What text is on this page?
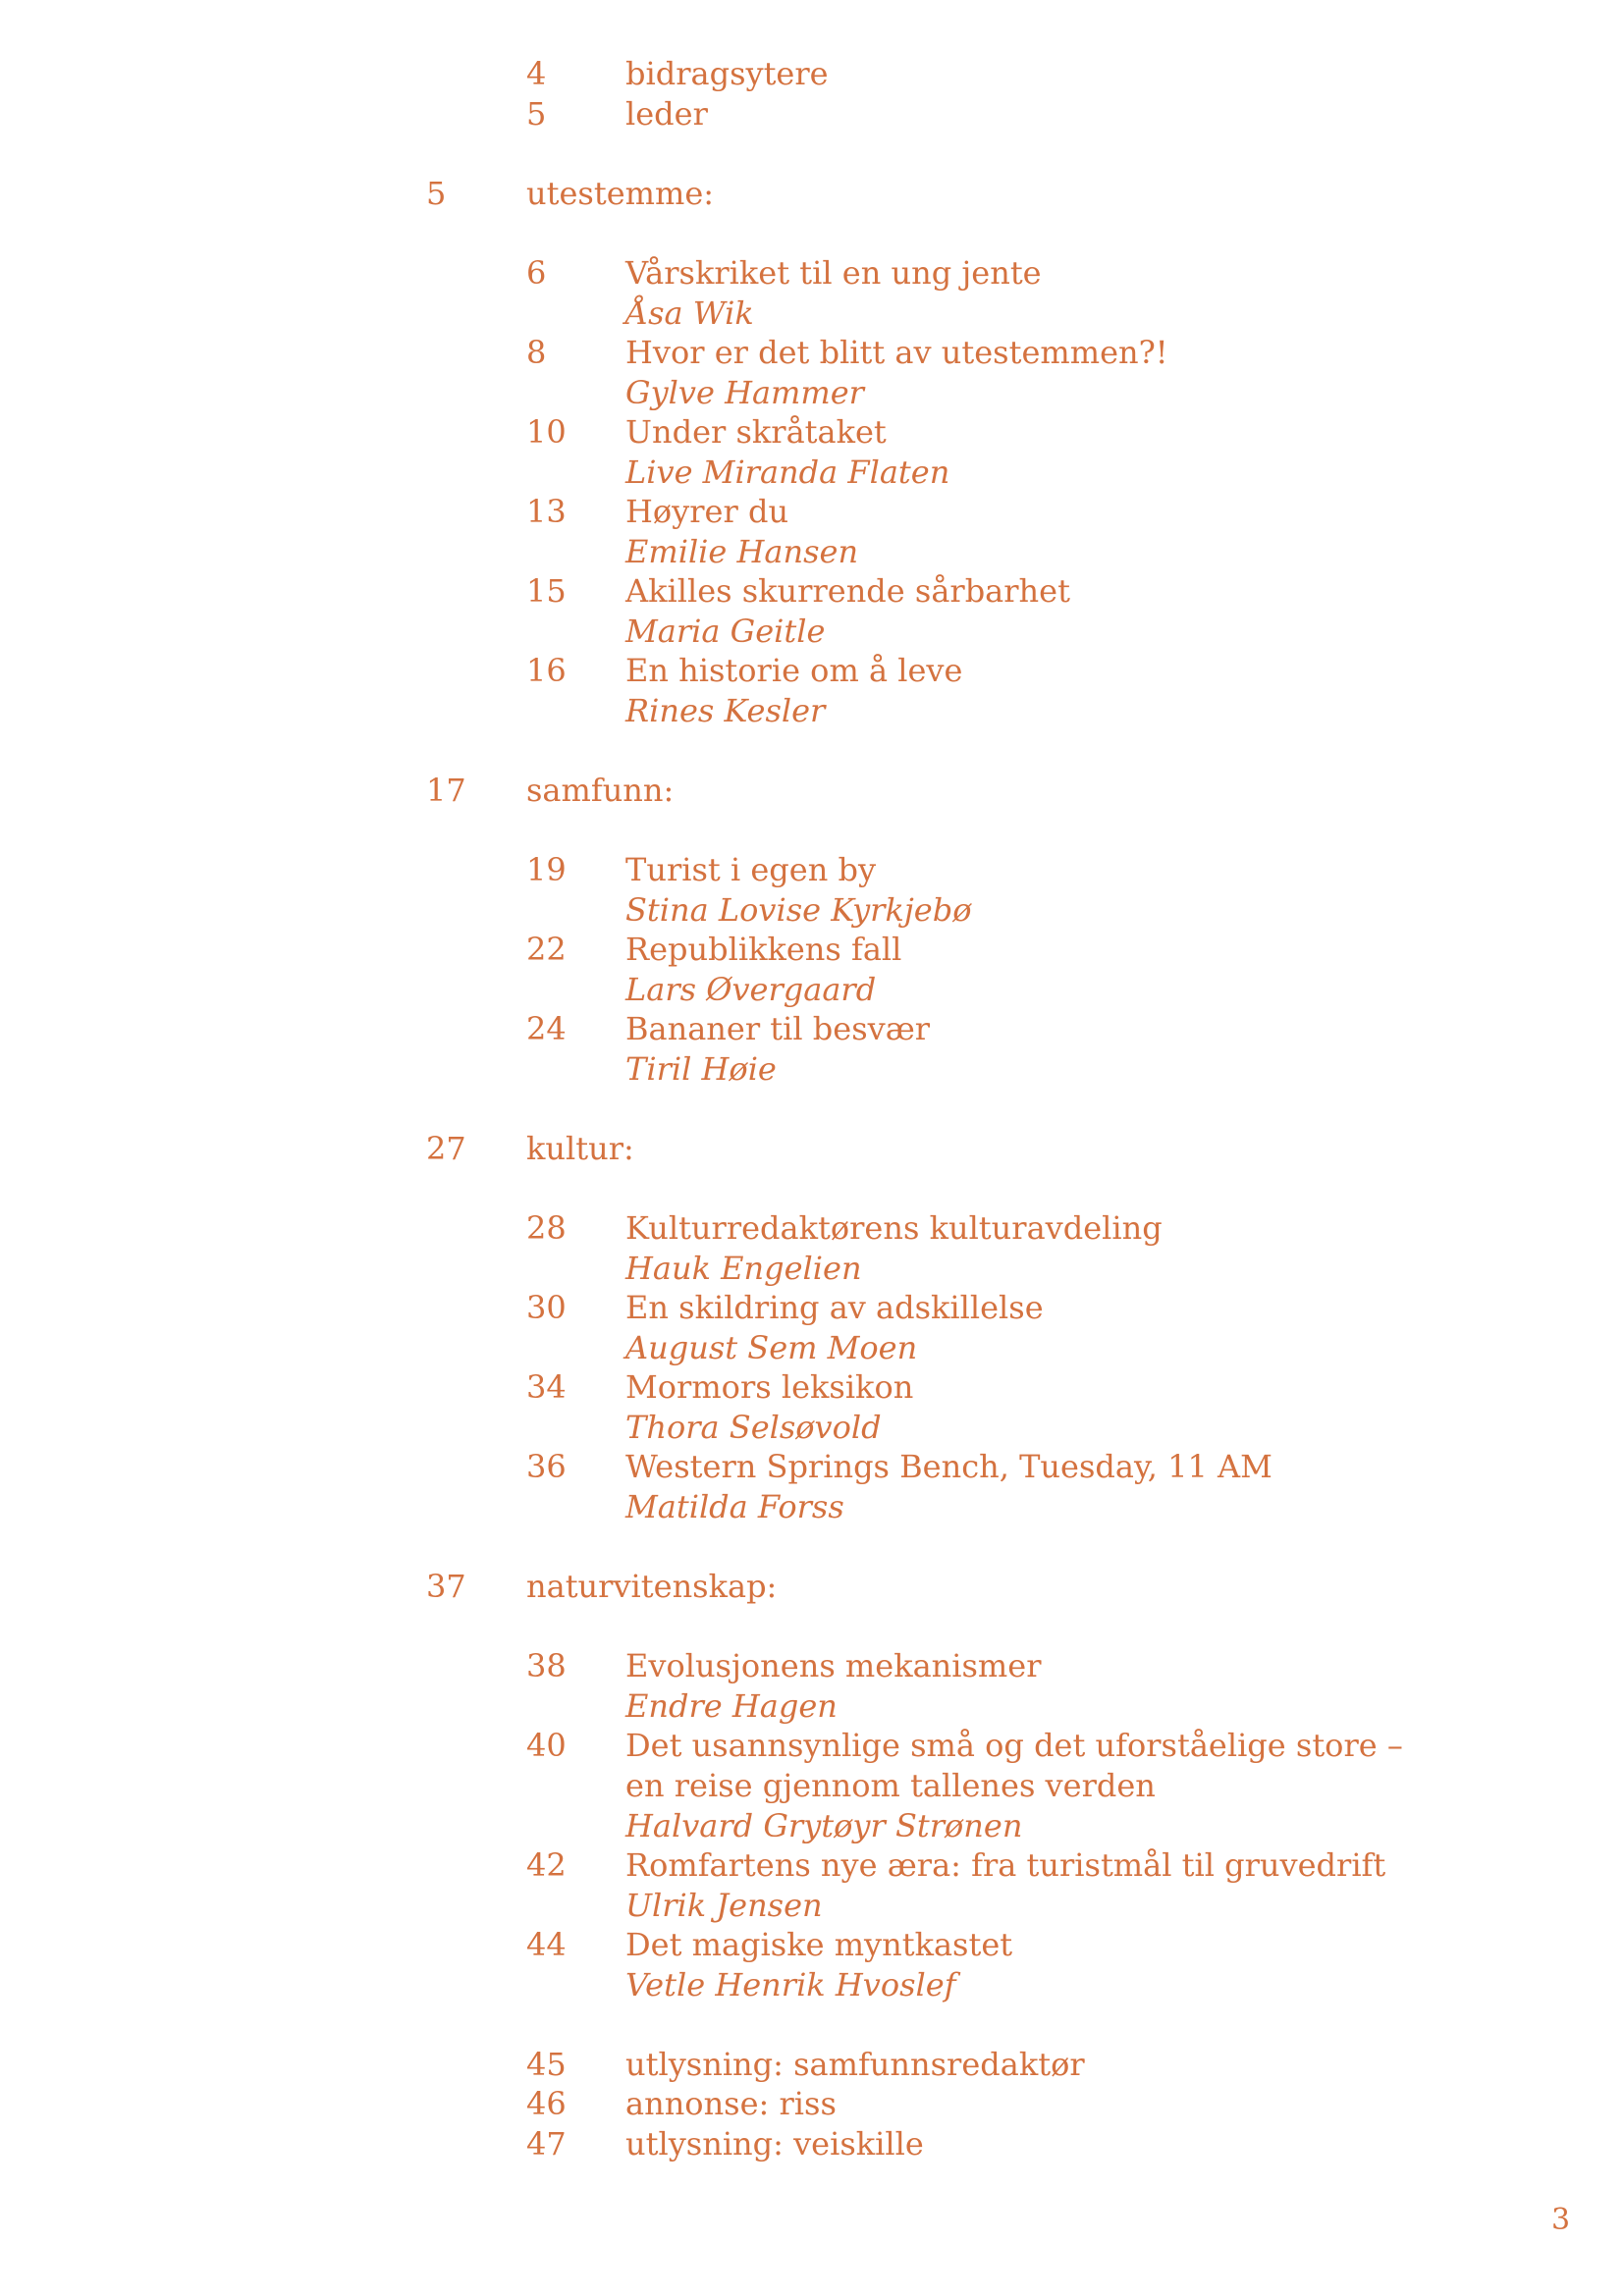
4	bidragsytere
5	leder
5	utestemme:
6	Vårskriket til en ung jente
Åsa Wik
8	Hvor er det blitt av utestemmen?!
Gylve Hammer
10 Under skråtaket
Live Miranda Flaten
13 Høyrer du
Emilie Hansen
15 Akilles skurrende sårbarhet
Maria Geitle
16 En historie om å leve
Rines Kesler
17 samfunn:
19 Turist i egen by
Stina Lovise Kyrkjebø
22 Republikkens fall
Lars Øvergaard
24 Bananer til besvær
Tiril Høie
27 kultur:
28 Kulturredaktørens kulturavdeling
Hauk Engelien
30 En skildring av adskillelse
August Sem Moen
34 Mormors leksikon
Thora Selsøvold
36 Western Springs Bench, Tuesday, 11 AM
Matilda Forss
37 naturvitenskap:
38 Evolusjonens mekanismer
Endre Hagen
40 Det usannsynlige små og det uforståelige store –
en reise gjennom tallenes verden
Halvard Grytøyr Strønen
42 Romfartens nye æra: fra turistmål til gruvedrift
Ulrik Jensen
44 Det magiske myntkastet
Vetle Henrik Hvoslef
45 utlysning: samfunnsredaktør
46 annonse: riss
47 utlysning: veiskille
3
